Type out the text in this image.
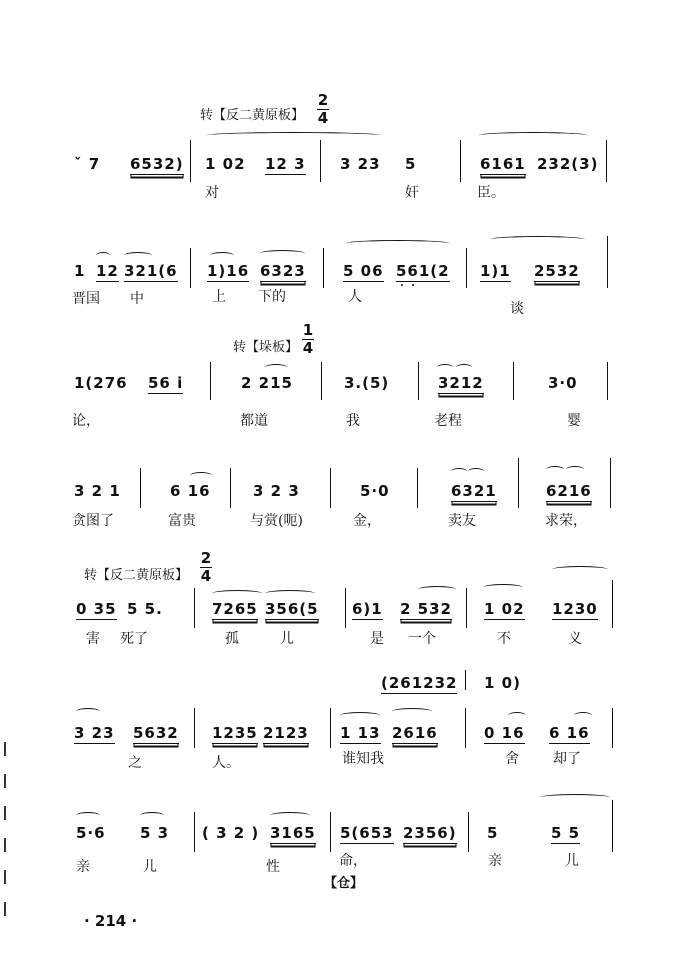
转【反二黄原板】
2
4
ˇ 7 6532) 1 02 12 3 3 23 5	6161 232(3)
对	奸	臣。
1 12 321(6 1)16 6323 5 06 561(2 1)1 2532
晋国 中	上 下的	人
谈
转【垛板】
1
4
1(276 56 i	2 215	3.(5)	3212	3·0
论，	都道	我	老程	婴
3 2 1	6 16	3 2 3	5·0	6321	6216
贪图了	富贵	与赏(呃)	金，	卖友	求荣，
转【反二黄原板】
2
4
0 35 5 5.	7265 356(5 6)1 2 532 1 02 1230
害 死了	孤	儿	是 一个	不	义
(261232 1 0)
3 23 5632 1235 2123 1 13 2616	0 16 6 16
之	人。	谁知我	舍 却了
5·6 5 3 ( 3 2 ) 3165 5(653 2356) 5	5 5
亲	儿	性	命，	亲	儿
【仓】
· 214 ·
